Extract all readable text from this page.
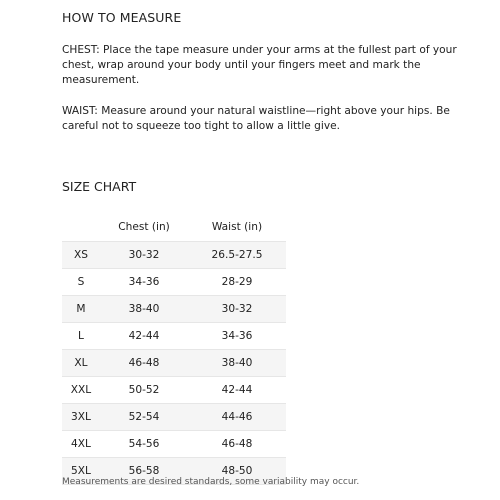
HOW TO MEASURE
CHEST: Place the tape measure under your arms at the fullest part of your chest, wrap around your body until your fingers meet and mark the measurement.
WAIST: Measure around your natural waistline—right above your hips. Be careful not to squeeze too tight to allow a little give.
SIZE CHART
	Chest (in)	Waist (in)
XS	30-32	26.5-27.5
S	34-36	28-29
M	38-40	30-32
L	42-44	34-36
XL	46-48	38-40
XXL	50-52	42-44
3XL	52-54	44-46
4XL	54-56	46-48
5XL	56-58	48-50
Measurements are desired standards, some variability may occur.
